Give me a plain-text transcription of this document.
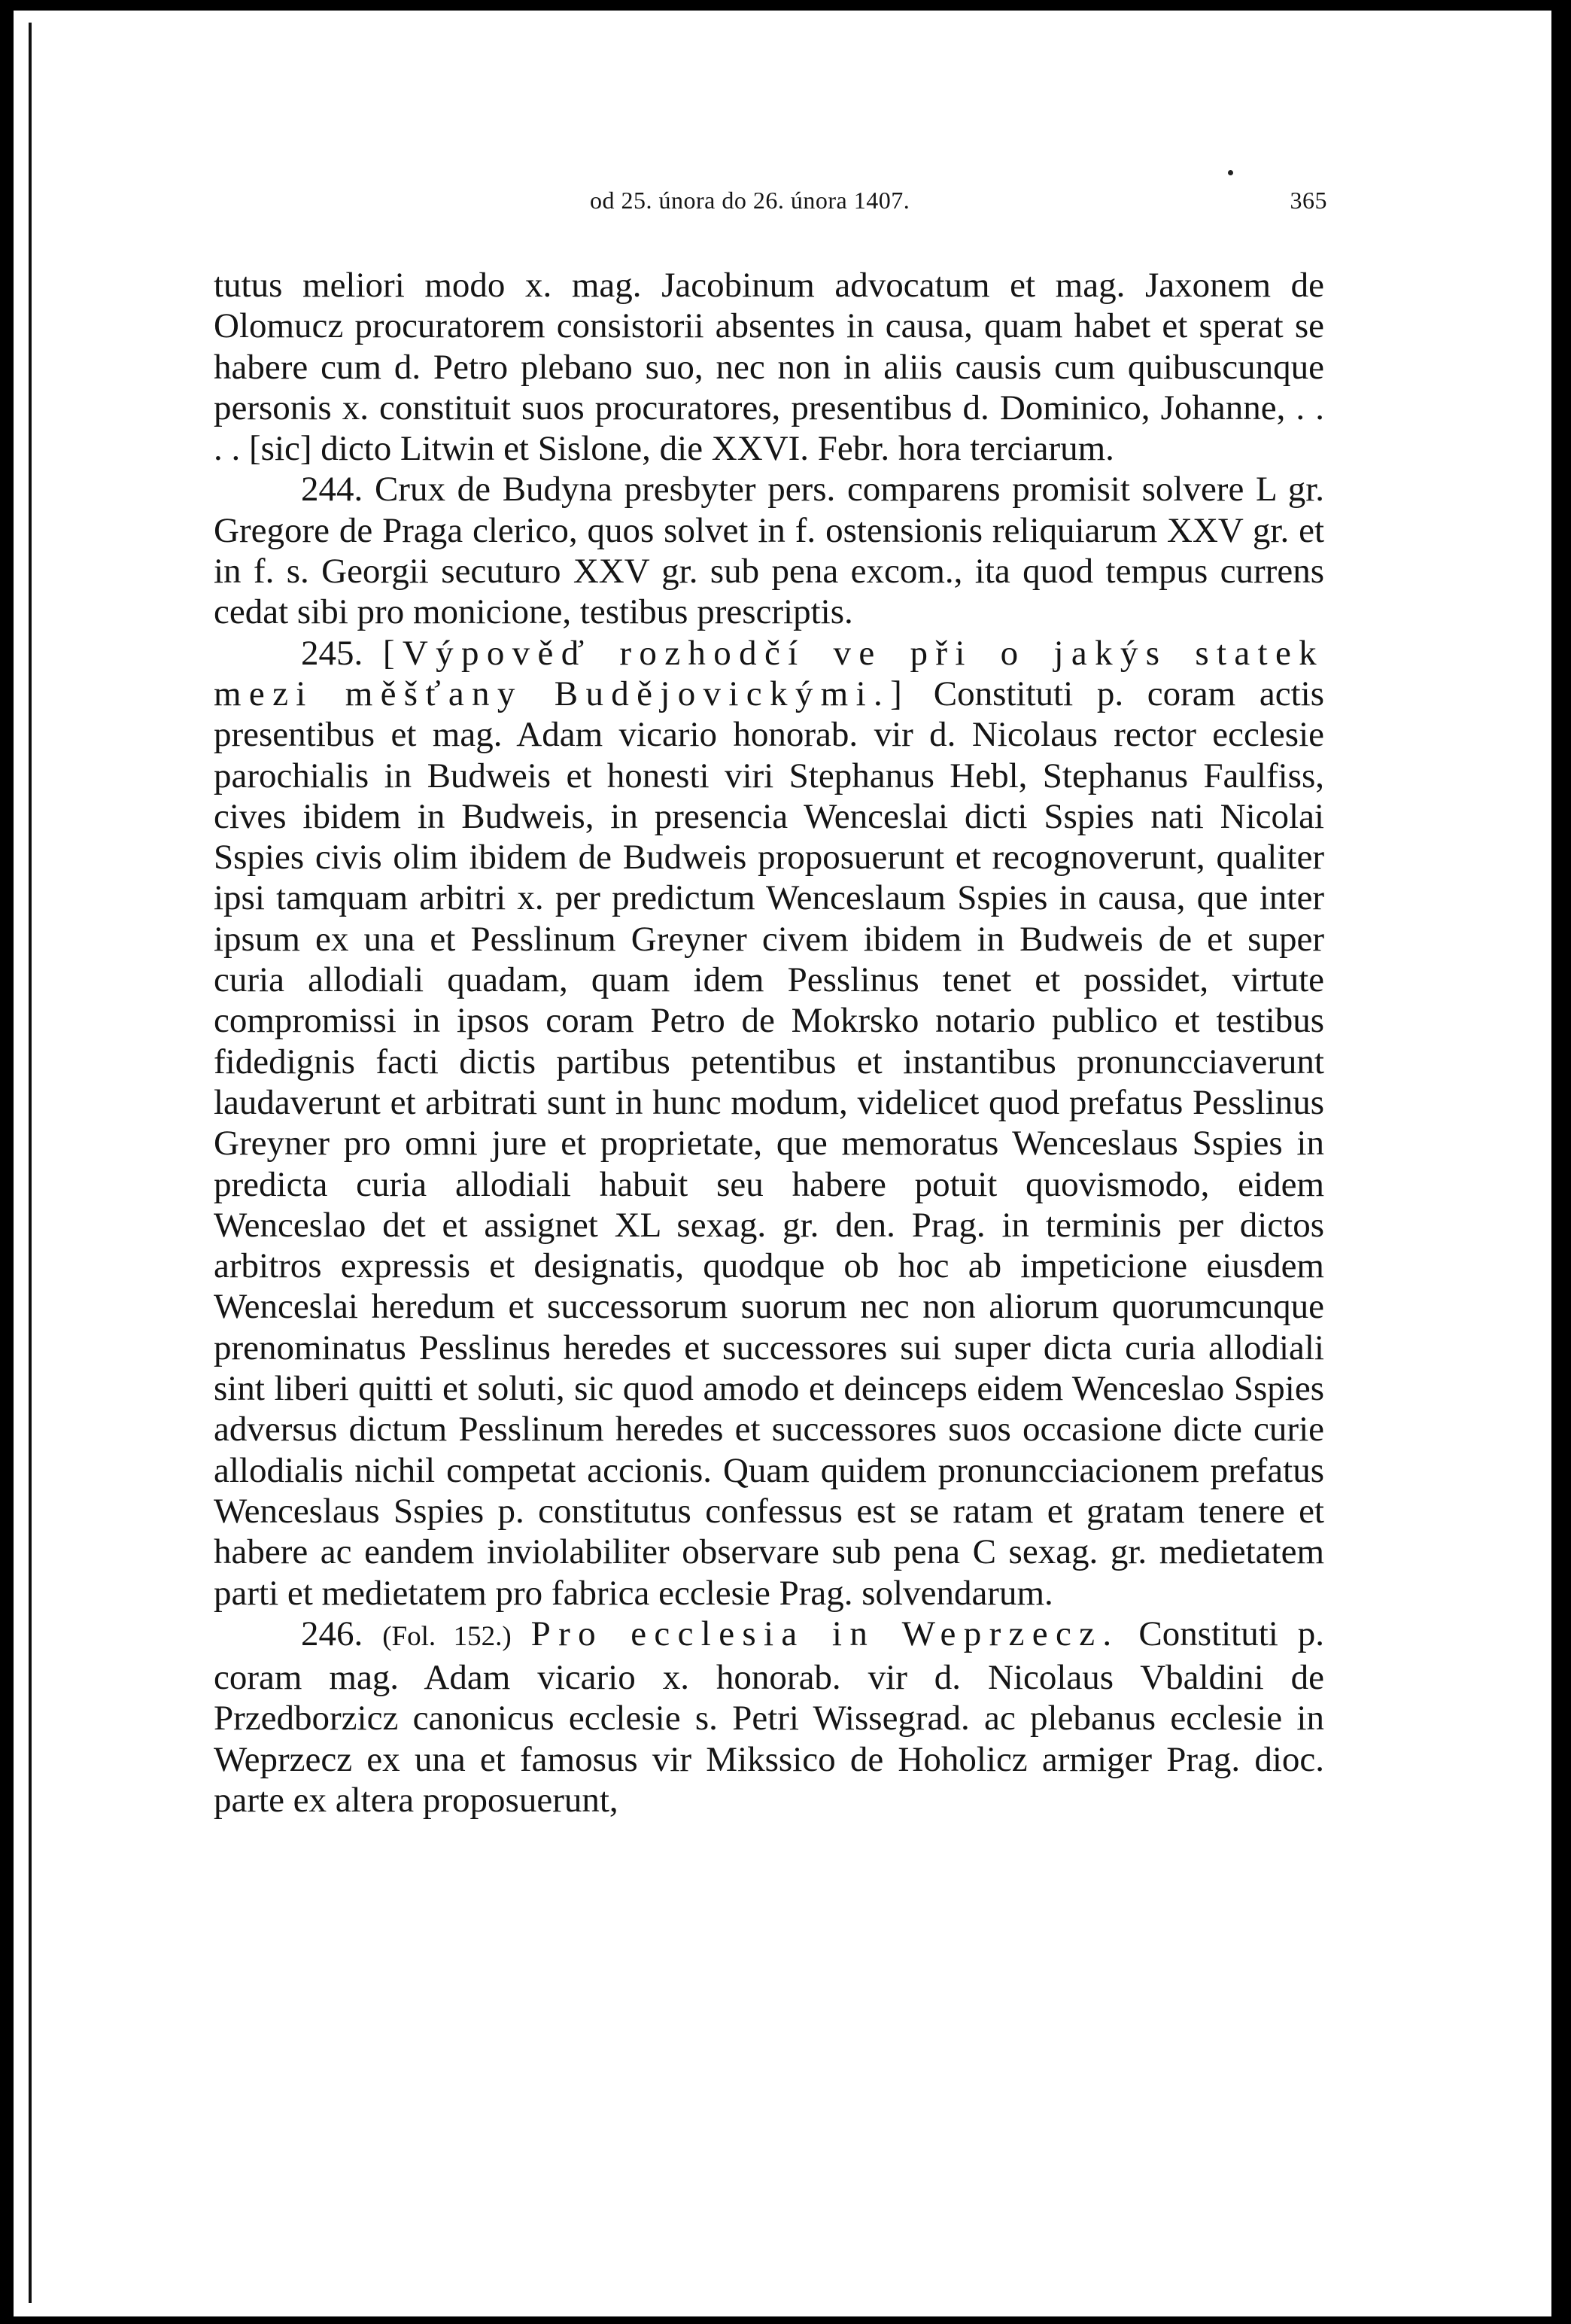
od 25. února do 26. února 1407.	365

tutus meliori modo x. mag. Jacobinum advocatum et mag. Jaxonem de Olomucz procuratorem consistorii absentes in causa, quam habet et sperat se habere cum d. Petro plebano suo, nec non in aliis causis cum quibuscunque personis x. constituit suos procuratores, presentibus d. Dominico, Johanne, . . . . [sic] dicto Litwin et Sislone, die XXVI. Febr. hora terciarum.

244. Crux de Budyna presbyter pers. comparens promisit solvere L gr. Gregore de Praga clerico, quos solvet in f. ostensionis reliquiarum XXV gr. et in f. s. Georgii secuturo XXV gr. sub pena excom., ita quod tempus currens cedat sibi pro monicione, testibus prescriptis.

245. [Výpověď rozhodčí ve při o jakýs statek mezi měšťany Budějovickými.] Constituti p. coram actis presentibus et mag. Adam vicario honorab. vir d. Nicolaus rector ecclesie parochialis in Budweis et honesti viri Stephanus Hebl, Stephanus Faulfiss, cives ibidem in Budweis, in presencia Wenceslai dicti Sspies nati Nicolai Sspies civis olim ibidem de Budweis proposuerunt et recognoverunt, qualiter ipsi tamquam arbitri x. per predictum Wenceslaum Sspies in causa, que inter ipsum ex una et Pesslinum Greyner civem ibidem in Budweis de et super curia allodiali quadam, quam idem Pesslinus tenet et possidet, virtute compromissi in ipsos coram Petro de Mokrsko notario publico et testibus fidedignis facti dictis partibus petentibus et instantibus pronuncciaverunt laudaverunt et arbitrati sunt in hunc modum, videlicet quod prefatus Pesslinus Greyner pro omni jure et proprietate, que memoratus Wenceslaus Sspies in predicta curia allodiali habuit seu habere potuit quovismodo, eidem Wenceslao det et assignet XL sexag. gr. den. Prag. in terminis per dictos arbitros expressis et designatis, quodque ob hoc ab impeticione eiusdem Wenceslai heredum et successorum suorum nec non aliorum quorumcunque prenominatus Pesslinus heredes et successores sui super dicta curia allodiali sint liberi quitti et soluti, sic quod amodo et deinceps eidem Wenceslao Sspies adversus dictum Pesslinum heredes et successores suos occasione dicte curie allodialis nichil competat accionis. Quam quidem pronuncciacionem prefatus Wenceslaus Sspies p. constitutus confessus est se ratam et gratam tenere et habere ac eandem inviolabiliter observare sub pena C sexag. gr. medietatem parti et medietatem pro fabrica ecclesie Prag. solvendarum.

246. (Fol. 152.) Pro ecclesia in Weprzecz. Constituti p. coram mag. Adam vicario x. honorab. vir d. Nicolaus Vbaldini de Przedborzicz canonicus ecclesie s. Petri Wissegrad. ac plebanus ecclesie in Weprzecz ex una et famosus vir Mikssico de Hoholicz armiger Prag. dioc. parte ex altera proposuerunt,
